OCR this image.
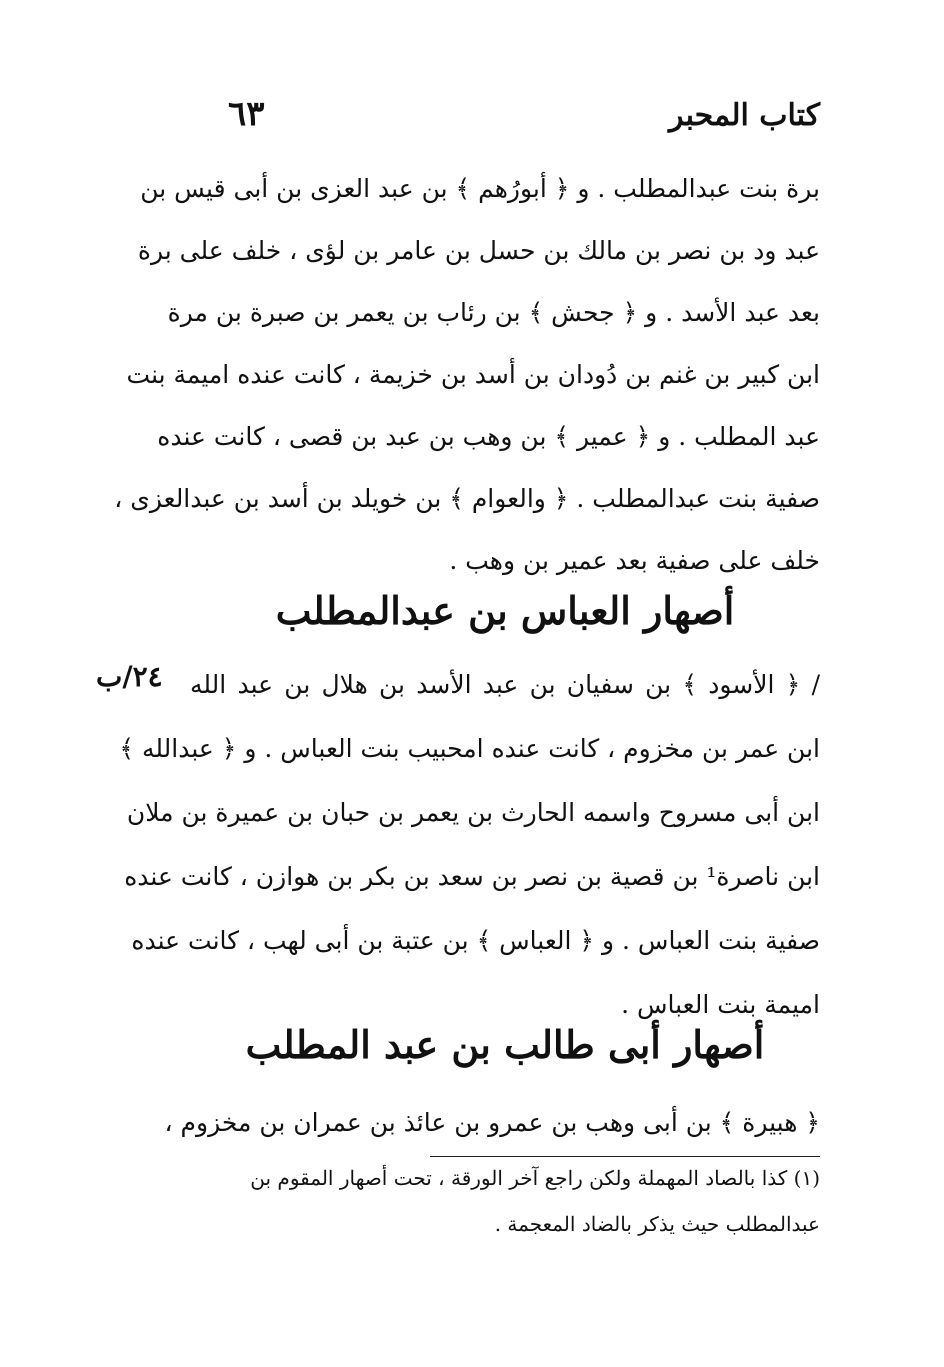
كتاب المحبر
٦٣
برة بنت عبدالمطلب . و ﴿ أبورُهم ﴾ بن عبد العزى بن أبى قيس بن
عبد ود بن نصر بن مالك بن حسل بن عامر بن لؤى ، خلف على برة
بعد عبد الأسد . و ﴿ جحش ﴾ بن رئاب بن يعمر بن صبرة بن مرة
ابن كبير بن غنم بن دُودان بن أسد بن خزيمة ، كانت عنده اميمة بنت
عبد المطلب . و ﴿ عمير ﴾ بن وهب بن عبد بن قصى ، كانت عنده
صفية بنت عبدالمطلب . ﴿ والعوام ﴾ بن خويلد بن أسد بن عبدالعزى ،
خلف على صفية بعد عمير بن وهب .
أصهار العباس بن عبدالمطلب
٢٤/ب / ﴿ الأسود ﴾ بن سفيان بن عبد الأسد بن هلال بن عبد الله
ابن عمر بن مخزوم ، كانت عنده امحبيب بنت العباس . و ﴿ عبدالله ﴾
ابن أبى مسروح واسمه الحارث بن يعمر بن حبان بن عميرة بن ملان
ابن ناصرة¹ بن قصية بن نصر بن سعد بن بكر بن هوازن ، كانت عنده
صفية بنت العباس . و ﴿ العباس ﴾ بن عتبة بن أبى لهب ، كانت عنده
اميمة بنت العباس .
أصهار أبى طالب بن عبد المطلب
﴿ هبيرة ﴾ بن أبى وهب بن عمرو بن عائذ بن عمران بن مخزوم ،
(١) كذا بالصاد المهملة ولكن راجع آخر الورقة ، تحت أصهار المقوم بن
عبدالمطلب حيث يذكر بالضاد المعجمة .
